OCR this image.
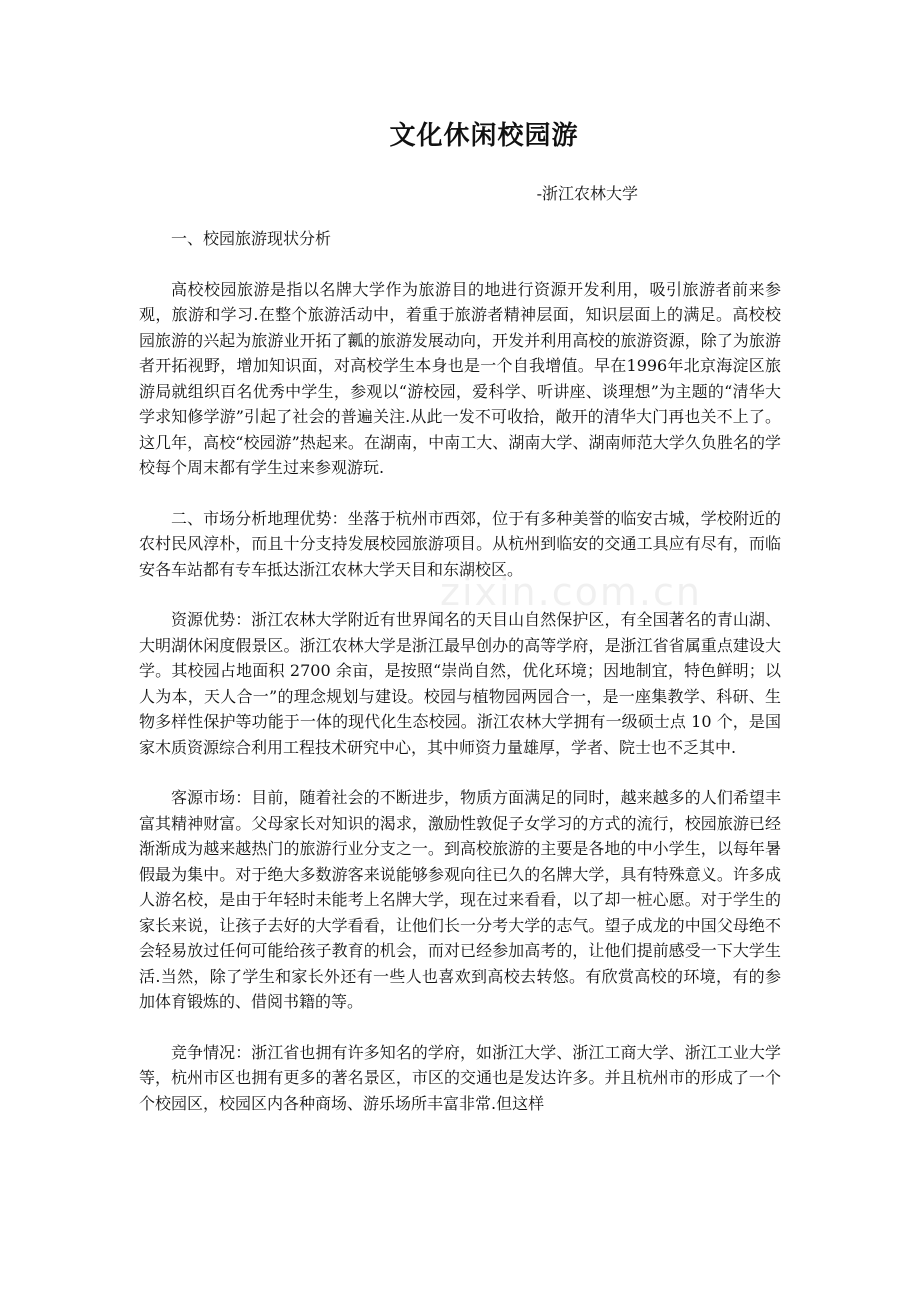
文化休闲校园游
-浙江农林大学
zixin.com.cn

一、校园旅游现状分析

高校校园旅游是指以名牌大学作为旅游目的地进行资源开发利用，吸引旅游者前来参观，旅游和学习.在整个旅游活动中，着重于旅游者精神层面，知识层面上的满足。高校校园旅游的兴起为旅游业开拓了瓤的旅游发展动向，开发并利用高校的旅游资源，除了为旅游者开拓视野，增加知识面，对高校学生本身也是一个自我增值。早在1996年北京海淀区旅游局就组织百名优秀中学生，参观以“游校园，爱科学、听讲座、谈理想”为主题的“清华大学求知修学游”引起了社会的普遍关注.从此一发不可收拾，敞开的清华大门再也关不上了。这几年，高校“校园游”热起来。在湖南，中南工大、湖南大学、湖南师范大学久负胜名的学校每个周末都有学生过来参观游玩.

二、市场分析地理优势：坐落于杭州市西郊，位于有多种美誉的临安古城，学校附近的农村民风淳朴，而且十分支持发展校园旅游项目。从杭州到临安的交通工具应有尽有，而临安各车站都有专车抵达浙江农林大学天目和东湖校区。

资源优势：浙江农林大学附近有世界闻名的天目山自然保护区，有全国著名的青山湖、大明湖休闲度假景区。浙江农林大学是浙江最早创办的高等学府，是浙江省省属重点建设大学。其校园占地面积 2700 余亩，是按照“崇尚自然，优化环境；因地制宜，特色鲜明；以人为本，天人合一”的理念规划与建设。校园与植物园两园合一，是一座集教学、科研、生物多样性保护等功能于一体的现代化生态校园。浙江农林大学拥有一级硕士点 10 个，是国家木质资源综合利用工程技术研究中心，其中师资力量雄厚，学者、院士也不乏其中.

客源市场：目前，随着社会的不断进步，物质方面满足的同时，越来越多的人们希望丰富其精神财富。父母家长对知识的渴求，激励性敦促子女学习的方式的流行，校园旅游已经渐渐成为越来越热门的旅游行业分支之一。到高校旅游的主要是各地的中小学生，以每年暑假最为集中。对于绝大多数游客来说能够参观向往已久的名牌大学，具有特殊意义。许多成人游名校，是由于年轻时未能考上名牌大学，现在过来看看，以了却一桩心愿。对于学生的家长来说，让孩子去好的大学看看，让他们长一分考大学的志气。望子成龙的中国父母绝不会轻易放过任何可能给孩子教育的机会，而对已经参加高考的，让他们提前感受一下大学生活.当然，除了学生和家长外还有一些人也喜欢到高校去转悠。有欣赏高校的环境，有的参加体育锻炼的、借阅书籍的等。

竞争情况：浙江省也拥有许多知名的学府，如浙江大学、浙江工商大学、浙江工业大学等，杭州市区也拥有更多的著名景区，市区的交通也是发达许多。并且杭州市的形成了一个个校园区，校园区内各种商场、游乐场所丰富非常.但这样
